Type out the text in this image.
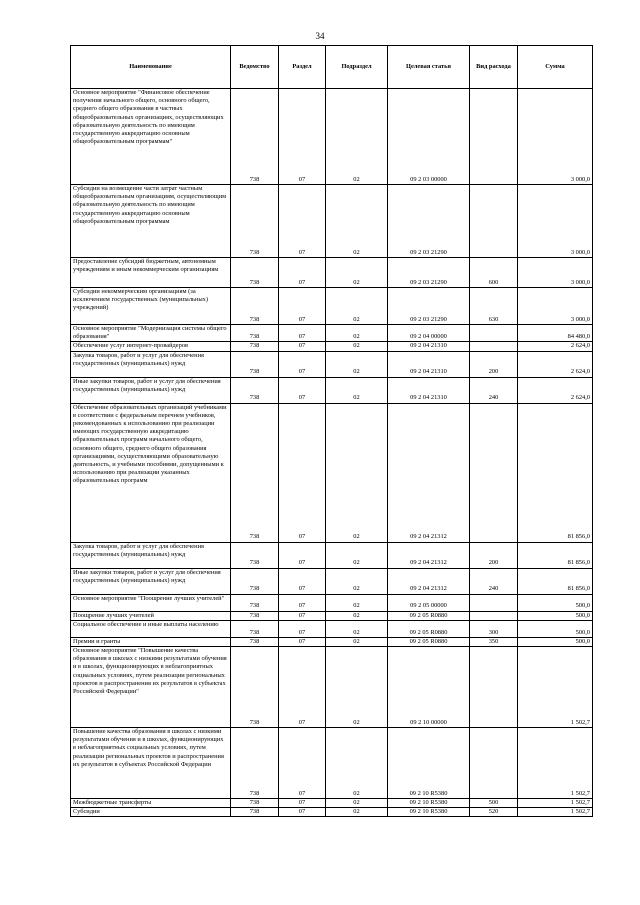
34
Наименование	Ведомство	Раздел	Подраздел	Целевая статья	Вид расхода	Сумма
Основное мероприятие "Финансовое обеспечение получения начального общего, основного общего, среднего общего образования в частных общеобразовательных организациях, осуществляющих образовательную деятельность по имеющим государственную аккредитацию основным общеобразовательным программам"	738	07	02	09 2 03 00000		3 000,0
Субсидии на возмещение части затрат частным общеобразовательным организациям, осуществляющим образовательную деятельность по имеющим государственную аккредитацию основным общеобразовательным программам	738	07	02	09 2 03 21290		3 000,0
Предоставление субсидий бюджетным, автономным учреждениям и иным некоммерческим организациям	738	07	02	09 2 03 21290	600	3 000,0
Субсидии некоммерческим организациям (за исключением государственных (муниципальных) учреждений)	738	07	02	09 2 03 21290	630	3 000,0
Основное мероприятие "Модернизация системы общего образования"	738	07	02	09 2 04 00000		84 480,0
Обеспечение услуг интернет-провайдеров	738	07	02	09 2 04 21310		2 624,0
Закупка товаров, работ и услуг для обеспечения государственных (муниципальных) нужд	738	07	02	09 2 04 21310	200	2 624,0
Иные закупки товаров, работ и услуг для обеспечения государственных (муниципальных) нужд	738	07	02	09 2 04 21310	240	2 624,0
Обеспечение образовательных организаций учебниками в соответствии с федеральным перечнем учебников, рекомендованных к использованию при реализации имеющих государственную аккредитацию образовательных программ начального общего, основного общего, среднего общего образования организациями, осуществляющими образовательную деятельность, и учебными пособиями, допущенными к использованию при реализации указанных образовательных программ	738	07	02	09 2 04 21312		81 856,0
Закупка товаров, работ и услуг для обеспечения государственных (муниципальных) нужд	738	07	02	09 2 04 21312	200	81 856,0
Иные закупки товаров, работ и услуг для обеспечения государственных (муниципальных) нужд	738	07	02	09 2 04 21312	240	81 856,0
Основное мероприятие "Поощрение лучших учителей"	738	07	02	09 2 05 00000		500,0
Поощрение лучших учителей	738	07	02	09 2 05 R0880		500,0
Социальное обеспечение и иные выплаты населению	738	07	02	09 2 05 R0880	300	500,0
Премии и гранты	738	07	02	09 2 05 R0880	350	500,0
Основное мероприятие "Повышение качества образования в школах с низкими результатами обучения и в школах, функционирующих в неблагоприятных социальных условиях, путем реализации региональных проектов и распространения их результатов в субъектах Российской Федерации"	738	07	02	09 2 10 00000		1 502,7
Повышение качества образования в школах с низкими результатами обучения и в школах, функционирующих в неблагоприятных социальных условиях, путем реализации региональных проектов и распространения их результатов в субъектах Российской Федерации	738	07	02	09 2 10 R5380		1 502,7
Межбюджетные трансферты	738	07	02	09 2 10 R5380	500	1 502,7
Субсидии	738	07	02	09 2 10 R5380	520	1 502,7
